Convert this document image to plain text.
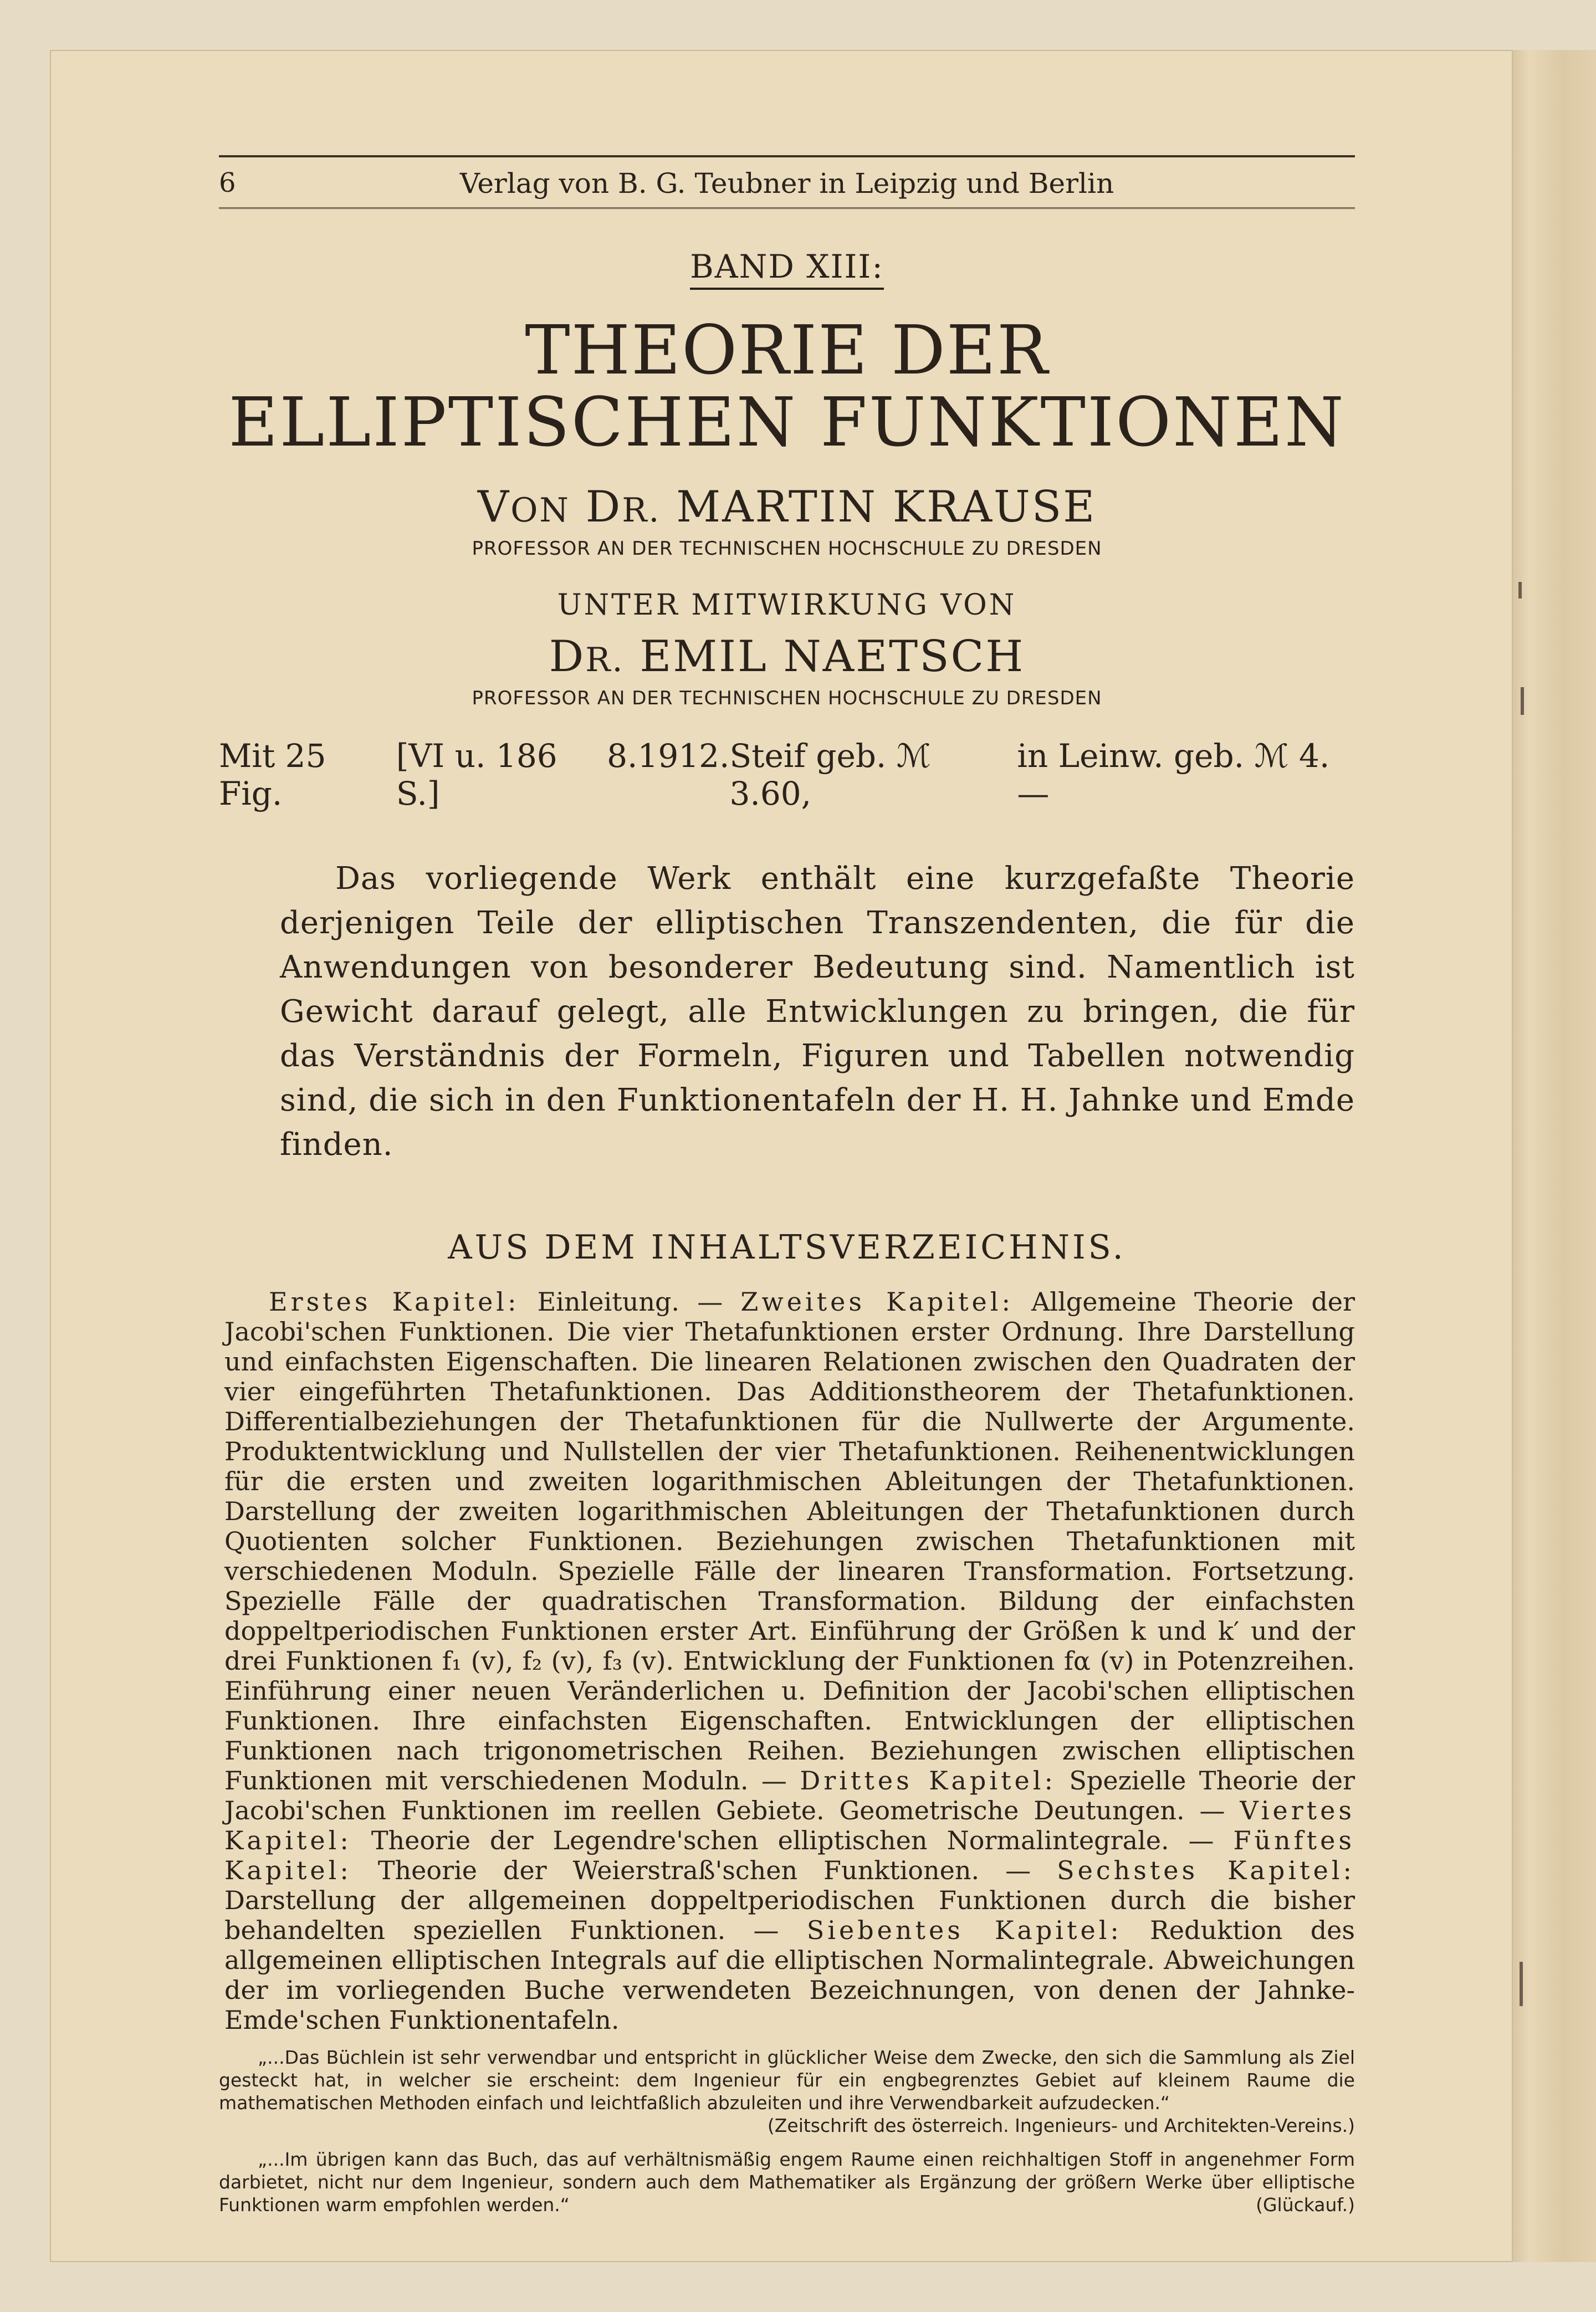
6	Verlag von B. G. Teubner in Leipzig und Berlin
BAND XIII:
THEORIE DER
ELLIPTISCHEN FUNKTIONEN
VON DR. MARTIN KRAUSE
PROFESSOR AN DER TECHNISCHEN HOCHSCHULE ZU DRESDEN
UNTER MITWIRKUNG VON
DR. EMIL NAETSCH
PROFESSOR AN DER TECHNISCHEN HOCHSCHULE ZU DRESDEN
Mit 25 Fig.
[VI u. 186 S.]
8. 1912. Steif geb. ℳ 3.60,
in Leinw. geb. ℳ 4.—
Das vorliegende Werk enthält eine kurzgefaßte Theorie derjenigen Teile der elliptischen Transzendenten, die für die Anwendungen von besonderer Bedeutung sind. Namentlich ist Gewicht darauf gelegt, alle Entwicklungen zu bringen, die für das Verständnis der Formeln, Figuren und Tabellen notwendig sind, die sich in den Funktionentafeln der H. H. Jahnke und Emde finden.
AUS DEM INHALTSVERZEICHNIS.
Erstes Kapitel: Einleitung. — Zweites Kapitel: Allgemeine Theorie der Jacobi'schen Funktionen. Die vier Thetafunktionen erster Ordnung. Ihre Darstellung und einfachsten Eigenschaften. Die linearen Relationen zwischen den Quadraten der vier eingeführten Thetafunktionen. Das Additionstheorem der Thetafunktionen. Differentialbeziehungen der Thetafunktionen für die Nullwerte der Argumente. Produktentwicklung und Nullstellen der vier Thetafunktionen. Reihenentwicklungen für die ersten und zweiten logarithmischen Ableitungen der Thetafunktionen. Darstellung der zweiten logarithmischen Ableitungen der Thetafunktionen durch Quotienten solcher Funktionen. Beziehungen zwischen Thetafunktionen mit verschiedenen Moduln. Spezielle Fälle der linearen Transformation. Fortsetzung. Spezielle Fälle der quadratischen Transformation. Bildung der einfachsten doppeltperiodischen Funktionen erster Art. Einführung der Größen k und k′ und der drei Funktionen f₁ (v), f₂ (v), f₃ (v). Entwicklung der Funktionen fα (v) in Potenzreihen. Einführung einer neuen Veränderlichen u. Definition der Jacobi'schen elliptischen Funktionen. Ihre einfachsten Eigenschaften. Entwicklungen der elliptischen Funktionen nach trigonometrischen Reihen. Beziehungen zwischen elliptischen Funktionen mit verschiedenen Moduln. — Drittes Kapitel: Spezielle Theorie der Jacobi'schen Funktionen im reellen Gebiete. Geometrische Deutungen. — Viertes Kapitel: Theorie der Legendre'schen elliptischen Normalintegrale. — Fünftes Kapitel: Theorie der Weierstraß'schen Funktionen. — Sechstes Kapitel: Darstellung der allgemeinen doppeltperiodischen Funktionen durch die bisher behandelten speziellen Funktionen. — Siebentes Kapitel: Reduktion des allgemeinen elliptischen Integrals auf die elliptischen Normalintegrale. Abweichungen der im vorliegenden Buche verwendeten Bezeichnungen, von denen der Jahnke-Emde'schen Funktionentafeln.
„...Das Büchlein ist sehr verwendbar und entspricht in glücklicher Weise dem Zwecke, den sich die Sammlung als Ziel gesteckt hat, in welcher sie erscheint: dem Ingenieur für ein engbegrenztes Gebiet auf kleinem Raume die mathematischen Methoden einfach und leichtfaßlich abzuleiten und ihre Verwendbarkeit aufzudecken.“
(Zeitschrift des österreich. Ingenieurs- und Architekten-Vereins.)
„...Im übrigen kann das Buch, das auf verhältnismäßig engem Raume einen reichhaltigen Stoff in angenehmer Form darbietet, nicht nur dem Ingenieur, sondern auch dem Mathematiker als Ergänzung der größern Werke über elliptische Funktionen warm empfohlen werden.“	(Glückauf.)
